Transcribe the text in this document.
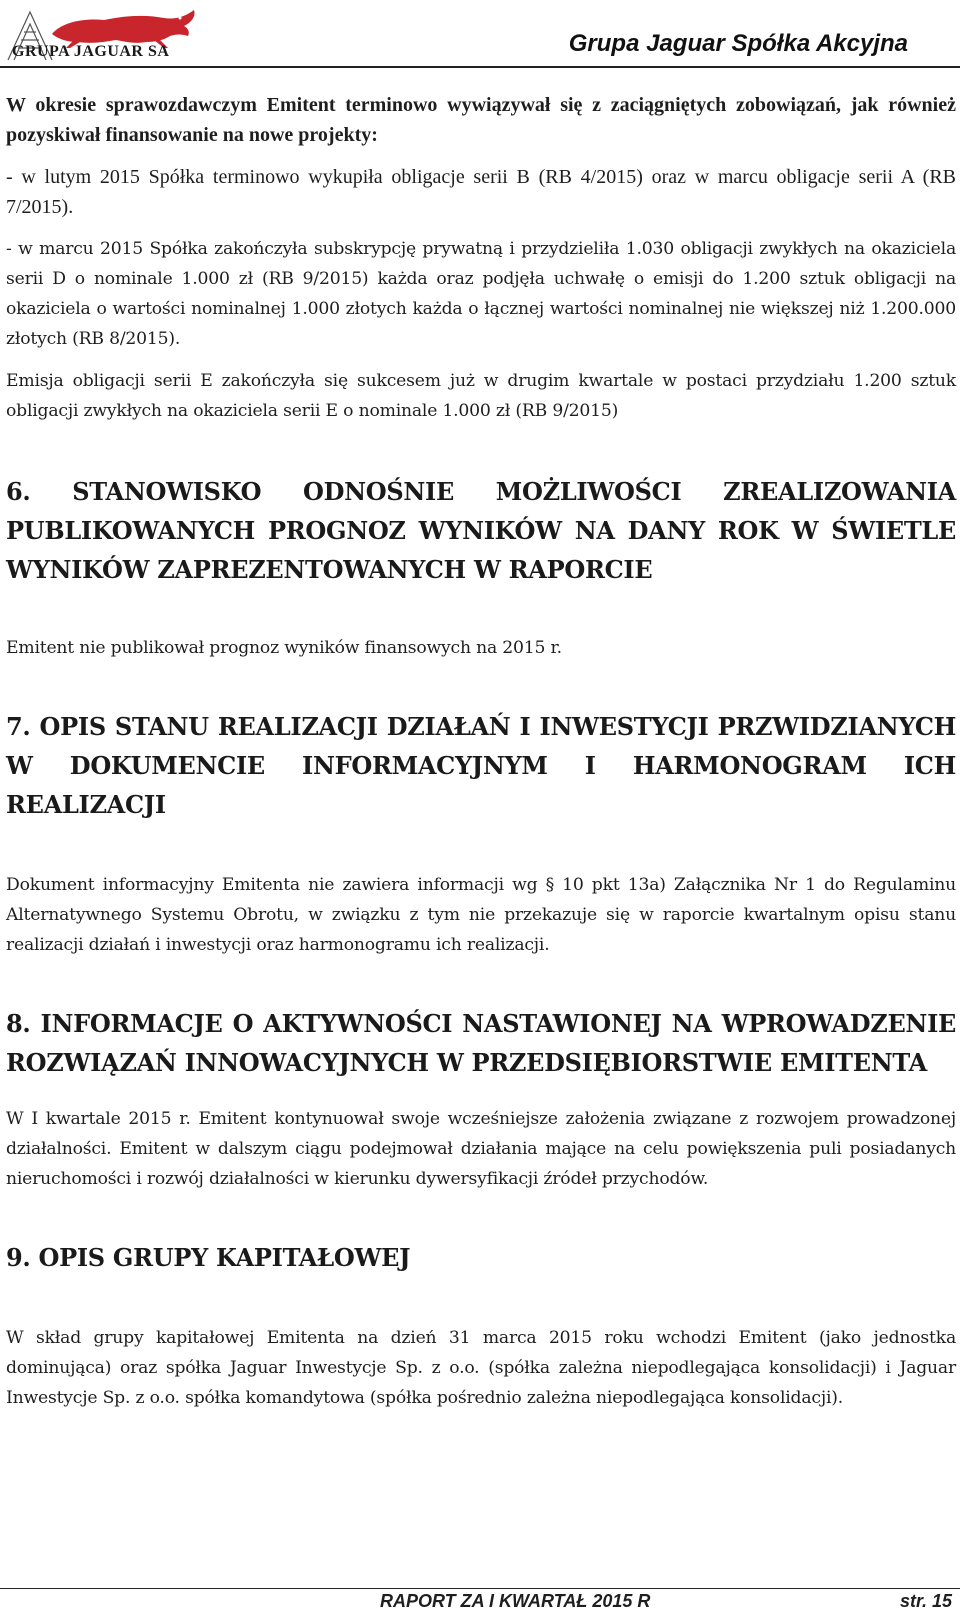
GRUPA JAGUAR SA	Grupa Jaguar Spółka Akcyjna

W okresie sprawozdawczym Emitent terminowo wywiązywał się z zaciągniętych zobowiązań, jak również pozyskiwał finansowanie na nowe projekty:

- w lutym 2015 Spółka terminowo wykupiła obligacje serii B (RB 4/2015) oraz w marcu obligacje serii A (RB 7/2015).

- w marcu 2015 Spółka zakończyła subskrypcję prywatną i przydzieliła 1.030 obligacji zwykłych na okaziciela serii D o nominale 1.000 zł (RB 9/2015) każda oraz podjęła uchwałę o emisji do 1.200 sztuk obligacji na okaziciela o wartości nominalnej 1.000 złotych każda o łącznej wartości nominalnej nie większej niż 1.200.000 złotych (RB 8/2015).

Emisja obligacji serii E zakończyła się sukcesem już w drugim kwartale w postaci przydziału 1.200 sztuk obligacji zwykłych na okaziciela serii E o nominale 1.000 zł (RB 9/2015)

6. STANOWISKO ODNOŚNIE MOŻLIWOŚCI ZREALIZOWANIA PUBLIKOWANYCH PROGNOZ WYNIKÓW NA DANY ROK W ŚWIETLE WYNIKÓW ZAPREZENTOWANYCH W RAPORCIE

Emitent nie publikował prognoz wyników finansowych na 2015 r.

7. OPIS STANU REALIZACJI DZIAŁAŃ I INWESTYCJI PRZWIDZIANYCH W DOKUMENCIE INFORMACYJNYM I HARMONOGRAM ICH REALIZACJI

Dokument informacyjny Emitenta nie zawiera informacji wg § 10 pkt 13a) Załącznika Nr 1 do Regulaminu Alternatywnego Systemu Obrotu, w związku z tym nie przekazuje się w raporcie kwartalnym opisu stanu realizacji działań i inwestycji oraz harmonogramu ich realizacji.

8. INFORMACJE O AKTYWNOŚCI NASTAWIONEJ NA WPROWADZENIE ROZWIĄZAŃ INNOWACYJNYCH W PRZEDSIĘBIORSTWIE EMITENTA

W I kwartale 2015 r. Emitent kontynuował swoje wcześniejsze założenia związane z rozwojem prowadzonej działalności. Emitent w dalszym ciągu podejmował działania mające na celu powiększenia puli posiadanych nieruchomości i rozwój działalności w kierunku dywersyfikacji źródeł przychodów.

9. OPIS GRUPY KAPITAŁOWEJ

W skład grupy kapitałowej Emitenta na dzień 31 marca 2015 roku wchodzi Emitent (jako jednostka dominująca) oraz spółka Jaguar Inwestycje Sp. z o.o. (spółka zależna niepodlegająca konsolidacji) i Jaguar Inwestycje Sp. z o.o. spółka komandytowa (spółka pośrednio zależna niepodlegająca konsolidacji).

RAPORT ZA I KWARTAŁ 2015 R	str. 15
